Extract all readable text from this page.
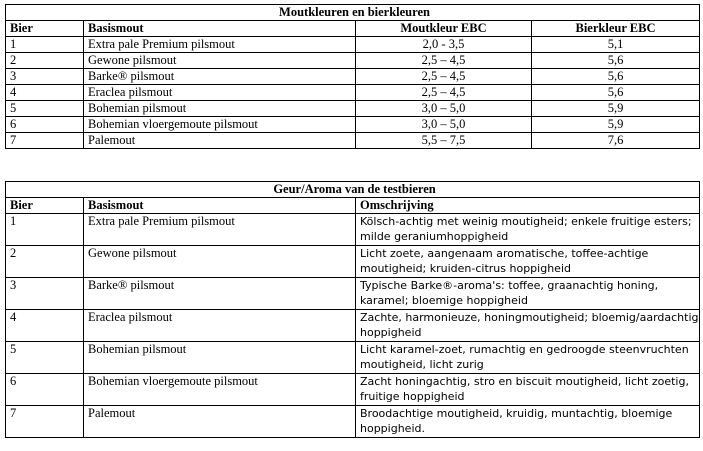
Moutkleuren en bierkleuren			
Bier	Basismout	Moutkleur EBC	Bierkleur EBC
1	Extra pale Premium pilsmout	2,0 - 3,5	5,1
2	Gewone pilsmout	2,5 – 4,5	5,6
3	Barke® pilsmout	2,5 – 4,5	5,6
4	Eraclea pilsmout	2,5 – 4,5	5,6
5	Bohemian pilsmout	3,0 – 5,0	5,9
6	Bohemian vloergemoute pilsmout	3,0 – 5,0	5,9
7	Palemout	5,5 – 7,5	7,6
Geur/Aroma van de testbieren		
Bier	Basismout	Omschrijving
1	Extra pale Premium pilsmout	Kölsch-achtig met weinig moutigheid; enkele fruitige esters; milde geraniumhoppigheid
2	Gewone pilsmout	Licht zoete, aangenaam aromatische, toffee-achtige moutigheid; kruiden-citrus hoppigheid
3	Barke® pilsmout	Typische Barke®-aroma's: toffee, graanachtig honing, karamel; bloemige hoppigheid
4	Eraclea pilsmout	Zachte, harmonieuze, honingmoutigheid; bloemig/aardachtig hoppigheid
5	Bohemian pilsmout	Licht karamel-zoet, rumachtig en gedroogde steenvruchten moutigheid, licht zurig
6	Bohemian vloergemoute pilsmout	Zacht honingachtig, stro en biscuit moutigheid, licht zoetig, fruitige hoppigheid
7	Palemout	Broodachtige moutigheid, kruidig, muntachtig, bloemige hoppigheid.
